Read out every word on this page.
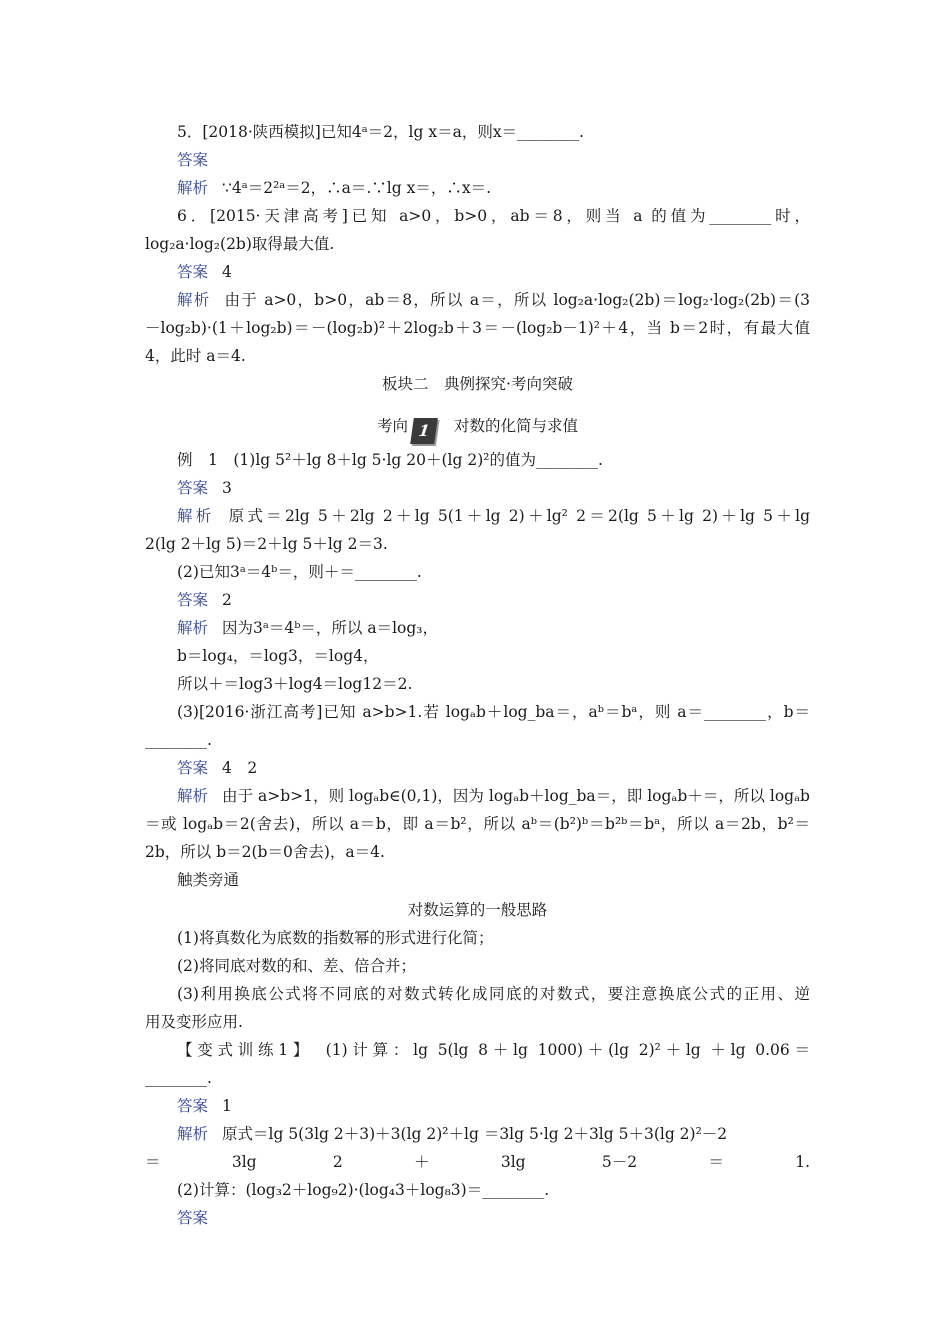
5．[2018·陕西模拟]已知4ᵃ＝2，lg x＝a，则x＝________.
答案
解析 ∵4ᵃ＝2²ᵃ＝2，∴a＝.∵lg x＝，∴x＝.
6．[2015·天津高考]已知 a>0，b>0，ab＝8，则当 a 的值为________时，
log₂a·log₂(2b)取得最大值.
答案 4
解析 由于 a>0，b>0，ab＝8，所以 a＝，所以 log₂a·log₂(2b)＝log₂·log₂(2b)＝(3
－log₂b)·(1＋log₂b)＝－(log₂b)²＋2log₂b＋3＝－(log₂b－1)²＋4，当 b＝2时，有最大值
4，此时 a＝4.
板块二　典例探究·考向突破
考向 1 对数的化简与求值
例　1　(1)lg 5²＋lg 8＋lg 5·lg 20＋(lg 2)²的值为________.
答案 3
解析 原式＝2lg 5＋2lg 2＋lg 5(1＋lg 2)＋lg² 2＝2(lg 5＋lg 2)＋lg 5＋lg
2(lg 2＋lg 5)＝2＋lg 5＋lg 2＝3.
(2)已知3ᵃ＝4ᵇ＝，则＋＝________.
答案 2
解析 因为3ᵃ＝4ᵇ＝，所以 a＝log₃，
b＝log₄，＝log3，＝log4，
所以＋＝log3＋log4＝log12＝2.
(3)[2016·浙江高考]已知 a>b>1.若 logₐb＋log_ba＝，aᵇ＝bᵃ，则 a＝________，b＝
________.
答案 4　2
解析 由于 a>b>1，则 logₐb∈(0,1)，因为 logₐb＋log_ba＝，即 logₐb＋＝，所以 logₐb
＝或 logₐb＝2(舍去)，所以 a＝b，即 a＝b²，所以 aᵇ＝(b²)ᵇ＝b²ᵇ＝bᵃ，所以 a＝2b，b²＝
2b，所以 b＝2(b＝0舍去)，a＝4.
触类旁通
对数运算的一般思路
(1)将真数化为底数的指数幂的形式进行化简；
(2)将同底对数的和、差、倍合并；
(3)利用换底公式将不同底的对数式转化成同底的对数式，要注意换底公式的正用、逆
用及变形应用.
【变式训练1】　(1)计算：lg 5(lg 8＋lg 1000)＋(lg 2)²＋lg ＋lg 0.06＝
________.
答案 1
解析 原式＝lg 5(3lg 2＋3)＋3(lg 2)²＋lg ＝3lg 5·lg 2＋3lg 5＋3(lg 2)²－2
＝3lg 2＋3lg 5－2＝1.
(2)计算：(log₃2＋log₉2)·(log₄3＋log₈3)＝________.
答案
